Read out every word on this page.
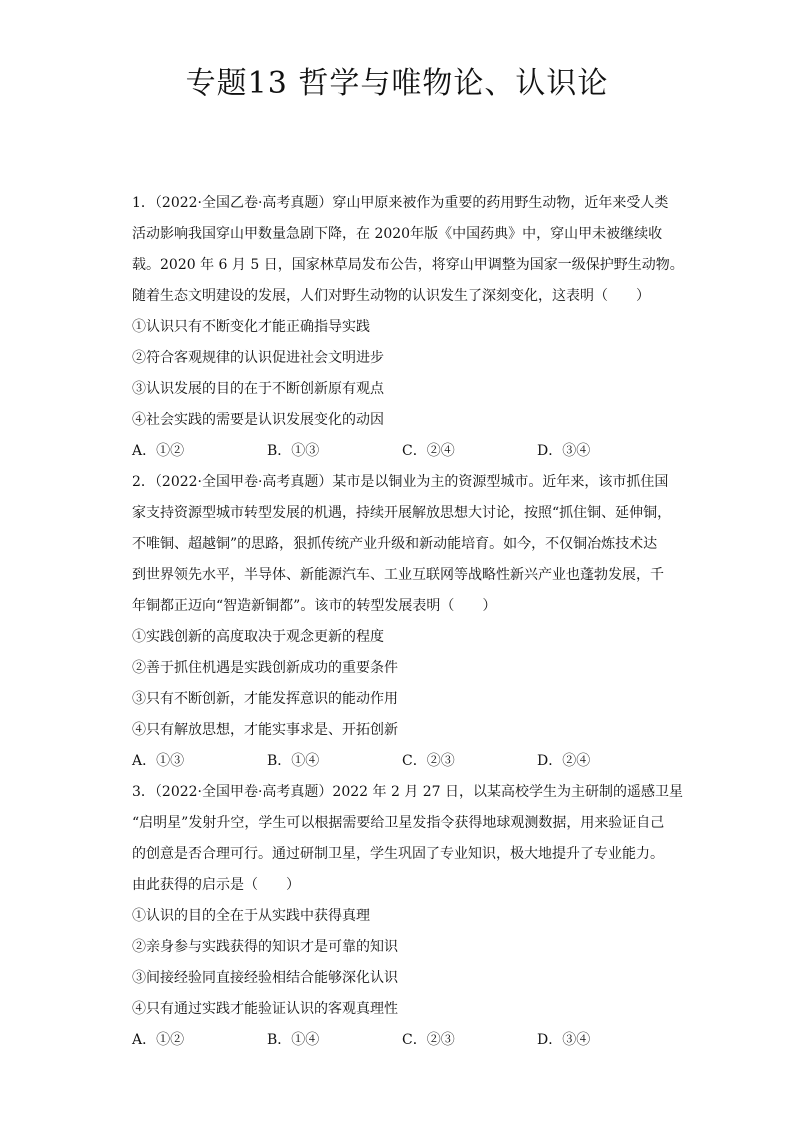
专题13 哲学与唯物论、认识论
1．（2022·全国乙卷·高考真题）穿山甲原来被作为重要的药用野生动物，近年来受人类
活动影响我国穿山甲数量急剧下降，在 2020年版《中国药典》中，穿山甲未被继续收
载。2020 年 6 月 5 日，国家林草局发布公告，将穿山甲调整为国家一级保护野生动物。
随着生态文明建设的发展，人们对野生动物的认识发生了深刻变化，这表明（　　）
①认识只有不断变化才能正确指导实践
②符合客观规律的认识促进社会文明进步
③认识发展的目的在于不断创新原有观点
④社会实践的需要是认识发展变化的动因
A．①②	B．①③	C．②④	D．③④
2．（2022·全国甲卷·高考真题）某市是以铜业为主的资源型城市。近年来，该市抓住国
家支持资源型城市转型发展的机遇，持续开展解放思想大讨论，按照“抓住铜、延伸铜，
不唯铜、超越铜”的思路，狠抓传统产业升级和新动能培育。如今，不仅铜冶炼技术达
到世界领先水平，半导体、新能源汽车、工业互联网等战略性新兴产业也蓬勃发展，千
年铜都正迈向“智造新铜都”。该市的转型发展表明（　　）
①实践创新的高度取决于观念更新的程度
②善于抓住机遇是实践创新成功的重要条件
③只有不断创新，才能发挥意识的能动作用
④只有解放思想，才能实事求是、开拓创新
A．①③	B．①④	C．②③	D．②④
3．（2022·全国甲卷·高考真题）2022 年 2 月 27 日，以某高校学生为主研制的遥感卫星
“启明星”发射升空，学生可以根据需要给卫星发指令获得地球观测数据，用来验证自己
的创意是否合理可行。通过研制卫星，学生巩固了专业知识，极大地提升了专业能力。
由此获得的启示是（　　）
①认识的目的全在于从实践中获得真理
②亲身参与实践获得的知识才是可靠的知识
③间接经验同直接经验相结合能够深化认识
④只有通过实践才能验证认识的客观真理性
A．①②	B．①④	C．②③	D．③④
